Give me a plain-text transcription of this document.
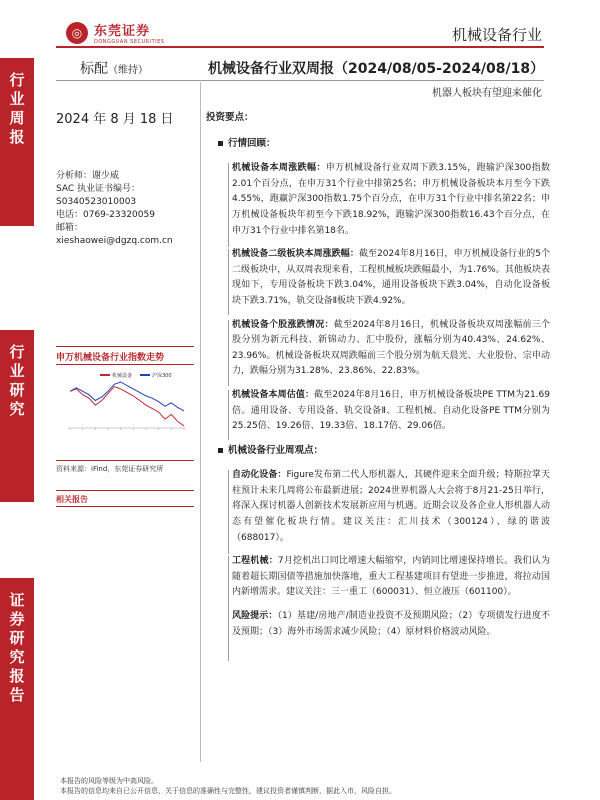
◎ 东莞证券
DONGGUAN SECURITIES	机械设备行业
行业周报
行业研究
证券研究报告
标配（维持）	机械设备行业双周报（2024/08/05-2024/08/18）
机器人板块有望迎来催化
2024 年 8 月 18 日
分析师：谢少威
SAC 执业证书编号：
S0340523010003
电话：0769-23320059
邮箱：
xieshaowei@dgzq.com.cn
申万机械设备行业指数走势
机械设备	沪深300
资料来源：iFind，东莞证券研究所
相关报告
投资要点：
行情回顾：
机械设备本周涨跌幅：申万机械设备行业双周下跌3.15%，跑输沪深300指数2.01个百分点，在申万31个行业中排第25名；申万机械设备板块本月至今下跌4.55%，跑赢沪深300指数1.75个百分点，在申万31个行业中排名第22名；申万机械设备板块年初至今下跌18.92%，跑输沪深300指数16.43个百分点，在申万31个行业中排名第18名。
机械设备二级板块本周涨跌幅：截至2024年8月16日，申万机械设备行业的5个二级板块中，从双周表现来看，工程机械板块跌幅最小，为1.76%。其他板块表现如下，专用设备板块下跌3.04%，通用设备板块下跌3.04%，自动化设备板块下跌3.71%，轨交设备Ⅱ板块下跌4.92%。
机械设备个股涨跌情况：截至2024年8月16日，机械设备板块双周涨幅前三个股分别为新元科技、新锦动力、汇中股份，涨幅分别为40.43%、24.62%、23.96%。机械设备板块双周跌幅前三个股分别为航天晨光、大业股份、宗申动力，跌幅分别为31.28%、23.86%、22.83%。
机械设备本周估值：截至2024年8月16日，申万机械设备板块PE TTM为21.69倍。通用设备、专用设备、轨交设备Ⅱ、工程机械、自动化设备PE TTM分别为25.25倍、19.26倍、19.33倍、18.17倍、29.06倍。
机械设备行业周观点：
自动化设备：Figure发布第二代人形机器人，其硬件迎来全面升级；特斯拉掌天柱预计未来几周将公布最新进展；2024世界机器人大会将于8月21-25日举行，将深入探讨机器人创新技术发展新应用与机遇。近期会议及各企业人形机器人动态有望催化板块行情。建议关注：汇川技术（300124）、绿的谐波（688017）。
工程机械：7月挖机出口同比增速大幅缩窄，内销同比增速保持增长。我们认为随着超长期国债等措施加快落地，重大工程基建项目有望进一步推进，将拉动国内新增需求。建议关注：三一重工（600031）、恒立液压（601100）。
风险提示：（1）基建/房地产/制造业投资不及预期风险；（2）专项债发行进度不及预期；（3）海外市场需求减少风险；（4）原材料价格波动风险。
本报告的风险等级为中高风险。
本报告的信息均来自已公开信息，关于信息的准确性与完整性，建议投资者谨慎判断，据此入市，风险自担。
